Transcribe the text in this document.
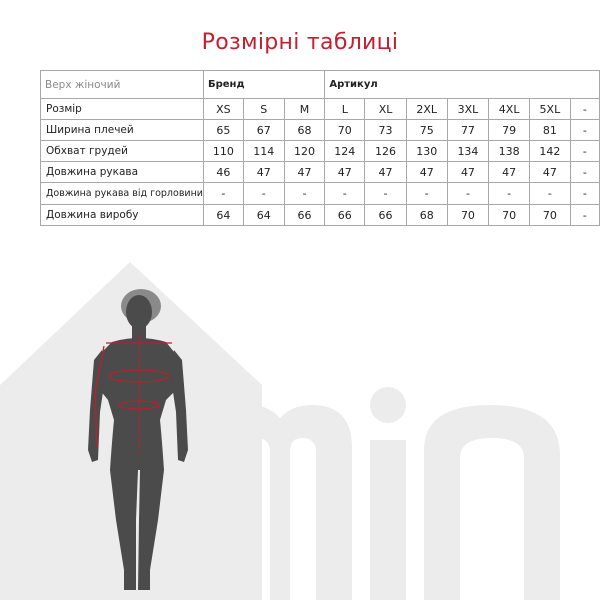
Розмірні таблиці
Верх жіночий	Бренд			Артикул						
Розмір	XS	S	M	L	XL	2XL	3XL	4XL	5XL	-
Ширина плечей	65	67	68	70	73	75	77	79	81	-
Обхват грудей	110	114	120	124	126	130	134	138	142	-
Довжина рукава	46	47	47	47	47	47	47	47	47	-
Довжина рукава від горловини	-	-	-	-	-	-	-	-	-	-
Довжина виробу	64	64	66	66	66	68	70	70	70	-
